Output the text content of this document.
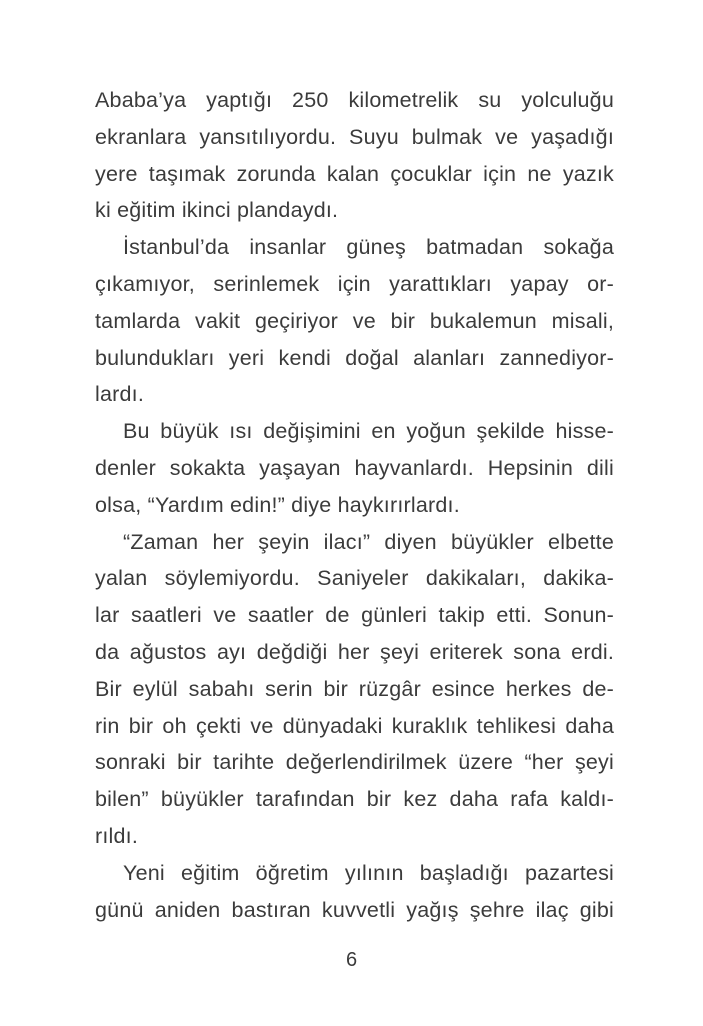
Ababa’ya yaptığı 250 kilometrelik su yolculuğu
ekranlara yansıtılıyordu. Suyu bulmak ve yaşadığı
yere taşımak zorunda kalan çocuklar için ne yazık
ki eğitim ikinci plandaydı.
İstanbul’da insanlar güneş batmadan sokağa
çıkamıyor, serinlemek için yarattıkları yapay or-
tamlarda vakit geçiriyor ve bir bukalemun misali,
bulundukları yeri kendi doğal alanları zannediyor-
lardı.
Bu büyük ısı değişimini en yoğun şekilde hisse-
denler sokakta yaşayan hayvanlardı. Hepsinin dili
olsa, “Yardım edin!” diye haykırırlardı.
“Zaman her şeyin ilacı” diyen büyükler elbette
yalan söylemiyordu. Saniyeler dakikaları, dakika-
lar saatleri ve saatler de günleri takip etti. Sonun-
da ağustos ayı değdiği her şeyi eriterek sona erdi.
Bir eylül sabahı serin bir rüzgâr esince herkes de-
rin bir oh çekti ve dünyadaki kuraklık tehlikesi daha
sonraki bir tarihte değerlendirilmek üzere “her şeyi
bilen” büyükler tarafından bir kez daha rafa kaldı-
rıldı.
Yeni eğitim öğretim yılının başladığı pazartesi
günü aniden bastıran kuvvetli yağış şehre ilaç gibi
6
